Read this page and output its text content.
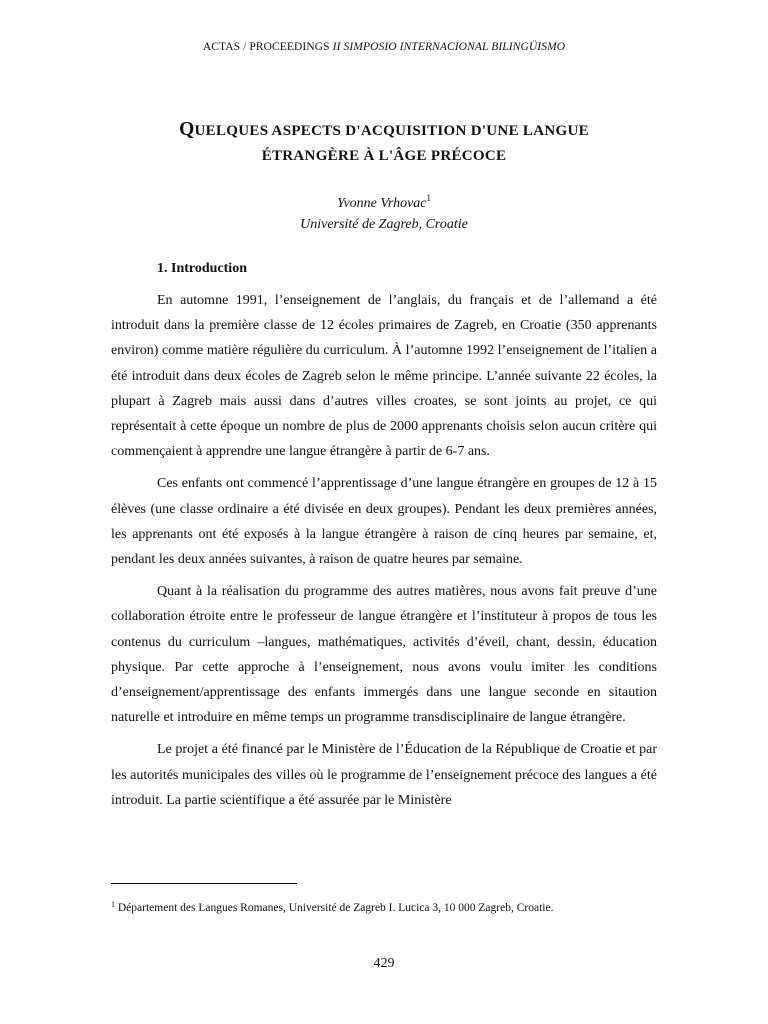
ACTAS / PROCEEDINGS II SIMPOSIO INTERNACIONAL BILINGÜISMO
QUELQUES ASPECTS D'ACQUISITION D'UNE LANGUE
ÉTRANGÈRE À L'ÂGE PRÉCOCE
Yvonne Vrhovac$^1$
Université de Zagreb, Croatie
1. Introduction

En automne 1991, l’enseignement de l’anglais, du français et de l’allemand a été introduit dans la première classe de 12 écoles primaires de Zagreb, en Croatie (350 apprenants environ) comme matière régulière du curriculum. À l’automne 1992 l’enseignement de l’italien a été introduit dans deux écoles de Zagreb selon le même principe. L’année suivante 22 écoles, la plupart à Zagreb mais aussi dans d’autres villes croates, se sont joints au projet, ce qui représentait à cette époque un nombre de plus de 2000 apprenants choisis selon aucun critère qui commençaient à apprendre une langue étrangère à partir de 6-7 ans.

Ces enfants ont commencé l’apprentissage d’une langue étrangère en groupes de 12 à 15 élèves (une classe ordinaire a été divisée en deux groupes). Pendant les deux premières années, les apprenants ont été exposés à la langue étrangère à raison de cinq heures par semaine, et, pendant les deux années suivantes, à raison de quatre heures par semaine.

Quant à la réalisation du programme des autres matières, nous avons fait preuve d’une collaboration étroite entre le professeur de langue étrangère et l’instituteur à propos de tous les contenus du curriculum –langues, mathématiques, activités d’éveil, chant, dessin, éducation physique. Par cette approche à l’enseignement, nous avons voulu imiter les conditions d’enseignement/apprentissage des enfants immergés dans une langue seconde en sitaution naturelle et introduire en même temps un programme transdisciplinaire de langue étrangère.

Le projet a été financé par le Ministère de l’Éducation de la République de Croatie et par les autorités municipales des villes où le programme de l’enseignement précoce des langues a été introduit. La partie scientifique a été assurée par le Ministère

$^1$ Département des Langues Romanes, Université de Zagreb I. Lucica 3, 10 000 Zagreb, Croatie.
429
